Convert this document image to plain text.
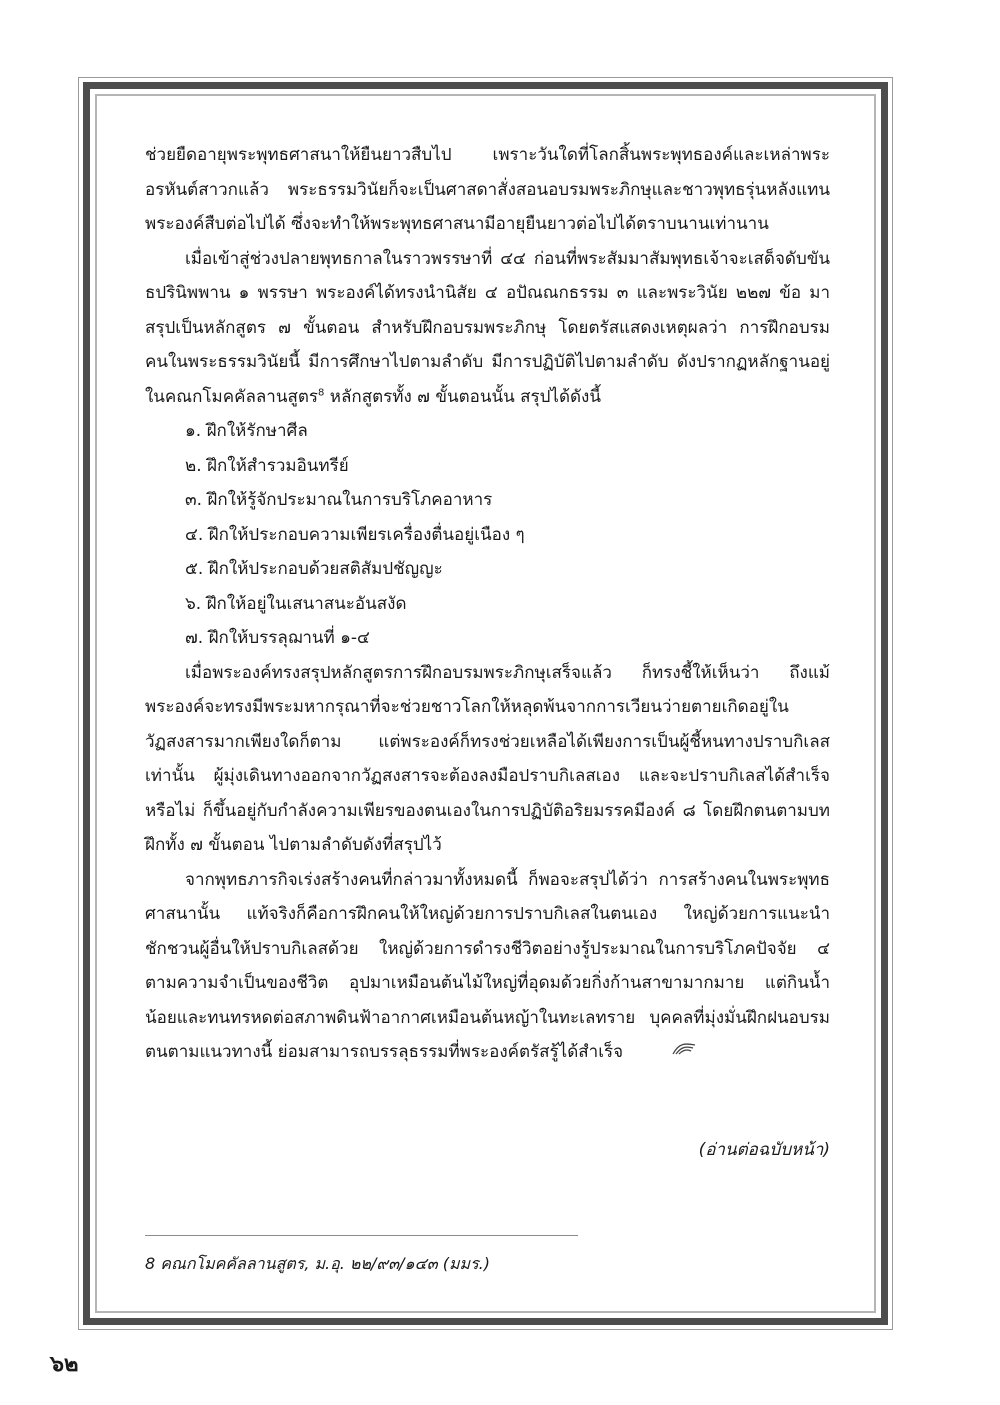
ช่วยยืดอายุพระพุทธศาสนาให้ยืนยาวสืบไป เพราะวันใดที่โลกสิ้นพระพุทธองค์และเหล่าพระอรหันต์สาวกแล้ว พระธรรมวินัยก็จะเป็นศาสดาสั่งสอนอบรมพระภิกษุและชาวพุทธรุ่นหลังแทนพระองค์สืบต่อไปได้ ซึ่งจะทำให้พระพุทธศาสนามีอายุยืนยาวต่อไปได้ตราบนานเท่านาน

เมื่อเข้าสู่ช่วงปลายพุทธกาลในราวพรรษาที่ ๔๔ ก่อนที่พระสัมมาสัมพุทธเจ้าจะเสด็จดับขันธปรินิพพาน ๑ พรรษา พระองค์ได้ทรงนำนิสัย ๔ อปัณณกธรรม ๓ และพระวินัย ๒๒๗ ข้อ มาสรุปเป็นหลักสูตร ๗ ขั้นตอน สำหรับฝึกอบรมพระภิกษุ โดยตรัสแสดงเหตุผลว่า การฝึกอบรมคนในพระธรรมวินัยนี้ มีการศึกษาไปตามลำดับ มีการปฏิบัติไปตามลำดับ ดังปรากฏหลักฐานอยู่ในคณกโมคคัลลานสูตร$^8$ หลักสูตรทั้ง ๗ ขั้นตอนนั้น สรุปได้ดังนี้

๑. ฝึกให้รักษาศีล
๒. ฝึกให้สำรวมอินทรีย์
๓. ฝึกให้รู้จักประมาณในการบริโภคอาหาร
๔. ฝึกให้ประกอบความเพียรเครื่องตื่นอยู่เนือง ๆ
๕. ฝึกให้ประกอบด้วยสติสัมปชัญญะ
๖. ฝึกให้อยู่ในเสนาสนะอันสงัด
๗. ฝึกให้บรรลุฌานที่ ๑-๔

เมื่อพระองค์ทรงสรุปหลักสูตรการฝึกอบรมพระภิกษุเสร็จแล้ว ก็ทรงชี้ให้เห็นว่า ถึงแม้พระองค์จะทรงมีพระมหากรุณาที่จะช่วยชาวโลกให้หลุดพ้นจากการเวียนว่ายตายเกิดอยู่ในวัฏสงสารมากเพียงใดก็ตาม แต่พระองค์ก็ทรงช่วยเหลือได้เพียงการเป็นผู้ชี้หนทางปราบกิเลสเท่านั้น ผู้มุ่งเดินทางออกจากวัฏสงสารจะต้องลงมือปราบกิเลสเอง และจะปราบกิเลสได้สำเร็จหรือไม่ ก็ขึ้นอยู่กับกำลังความเพียรของตนเองในการปฏิบัติอริยมรรคมีองค์ ๘ โดยฝึกตนตามบทฝึกทั้ง ๗ ขั้นตอน ไปตามลำดับดังที่สรุปไว้

จากพุทธภารกิจเร่งสร้างคนที่กล่าวมาทั้งหมดนี้ ก็พอจะสรุปได้ว่า การสร้างคนในพระพุทธศาสนานั้น แท้จริงก็คือการฝึกคนให้ใหญ่ด้วยการปราบกิเลสในตนเอง ใหญ่ด้วยการแนะนำชักชวนผู้อื่นให้ปราบกิเลสด้วย ใหญ่ด้วยการดำรงชีวิตอย่างรู้ประมาณในการบริโภคปัจจัย ๔ ตามความจำเป็นของชีวิต อุปมาเหมือนต้นไม้ใหญ่ที่อุดมด้วยกิ่งก้านสาขามากมาย แต่กินน้ำน้อยและทนทรหดต่อสภาพดินฟ้าอากาศเหมือนต้นหญ้าในทะเลทราย บุคคลที่มุ่งมั่นฝึกฝนอบรมตนตามแนวทางนี้ ย่อมสามารถบรรลุธรรมที่พระองค์ตรัสรู้ได้สำเร็จ

(อ่านต่อฉบับหน้า)
8 คณกโมคคัลลานสูตร, ม.อุ. ๒๒/๙๓/๑๔๓ (มมร.)
๖๒
